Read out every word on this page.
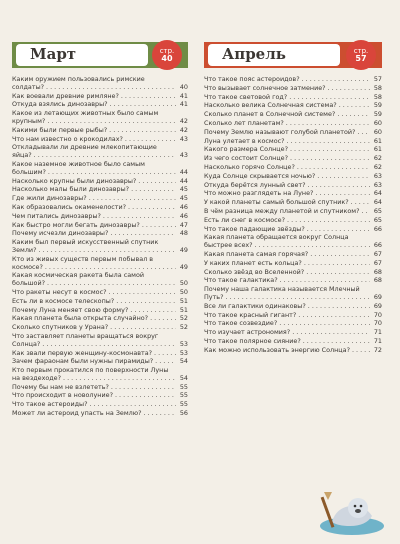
Март	стр.
40
Каким оружием пользовались римские солдаты? . . .	40
Как воевали древние римляне? . . .	41
Откуда взялись динозавры? . . .	41
Какое из летающих животных было самым крупным? . . .	42
Какими были первые рыбы? . . .	42
Что нам известно о крокодилах? . . .	43
Откладывали ли древние млекопитающие яйца? . . .	43
Какое наземное животное было самым большим? . . .	44
Насколько крупны были динозавры? . . .	44
Насколько малы были динозавры? . . .	45
Где жили динозавры? . . .	45
Как образовались окаменелости? . . .	46
Чем питались динозавры? . . .	46
Как быстро могли бегать динозавры? . . .	47
Почему исчезли динозавры? . . .	48
Каким был первый искусственный спутник Земли? . . .	49
Кто из живых существ первым побывал в космосе? . . .	49
Какая космическая ракета была самой большой? . . .	50
Что ракеты несут в космос? . . .	50
Есть ли в космосе телескопы? . . .	51
Почему Луна меняет свою форму? . . .	51
Какая планета была открыта случайно? . . .	52
Сколько спутников у Урана? . . .	52
Что заставляет планеты вращаться вокруг Солнца? . . .	53
Как звали первую женщину-космонавта? . . .	53
Зачем фараонам были нужны пирамиды? . . .	54
Кто первым прокатился по поверхности Луны на вездеходе? . . .	54
Почему бы нам не взлететь? . . .	55
Что происходит в новолуние? . . .	55
Что такое астероиды? . . .	55
Может ли астероид упасть на Землю? . . .	56
Апрель	стр.
57
Что такое пояс астероидов? . . .	57
Что вызывает солнечное затмение? . . .	58
Что такое световой год? . . .	58
Насколько велика Солнечная система? . . .	59
Сколько планет в Солнечной системе? . . .	59
Сколько лет планетам? . . .	60
Почему Землю называют голубой планетой? . . .	60
Луна улетает в космос? . . .	61
Какого размера Солнце? . . .	61
Из чего состоит Солнце? . . .	62
Насколько горячо Солнце? . . .	62
Куда Солнце скрывается ночью? . . .	63
Откуда берётся лунный свет? . . .	63
Что можно разглядеть на Луне? . . .	64
У какой планеты самый большой спутник? . . .	64
В чём разница между планетой и спутником? . . .	65
Есть ли снег в космосе? . . .	65
Что такое падающие звёзды? . . .	66
Какая планета обращается вокруг Солнца быстрее всех? . . .	66
Какая планета самая горячая? . . .	67
У каких планет есть кольца? . . .	67
Сколько звёзд во Вселенной? . . .	68
Что такое галактика? . . .	68
Почему наша галактика называется Млечный Путь? . . .	69
Все ли галактики одинаковы? . . .	69
Что такое красный гигант? . . .	70
Что такое созвездие? . . .	70
Что изучает астрономия? . . .	71
Что такое полярное сияние? . . .	71
Как можно использовать энергию Солнца? . . .	72
